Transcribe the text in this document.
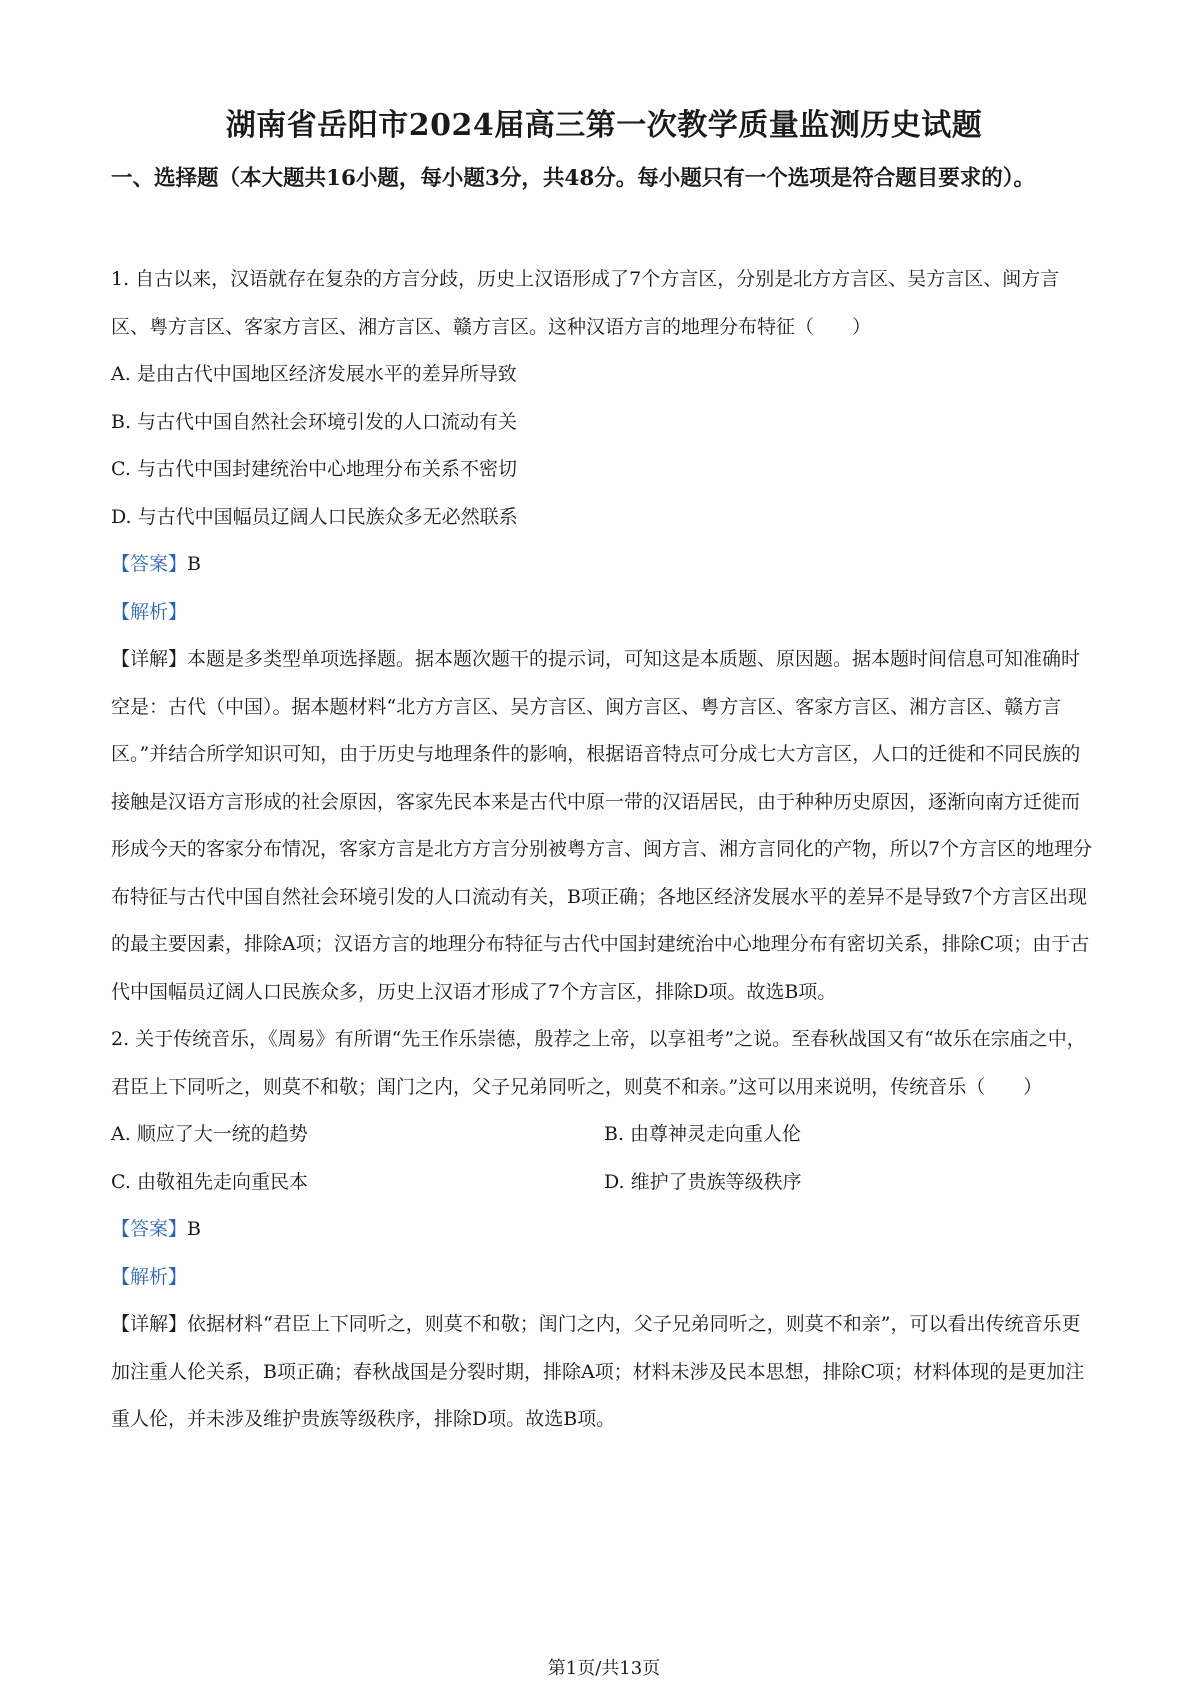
湖南省岳阳市2024届高三第一次教学质量监测历史试题

一、选择题（本大题共16小题，每小题3分，共48分。每小题只有一个选项是符合题目要求的）。

1. 自古以来，汉语就存在复杂的方言分歧，历史上汉语形成了7个方言区，分别是北方方言区、吴方言区、闽方言区、粤方言区、客家方言区、湘方言区、赣方言区。这种汉语方言的地理分布特征（　　）

A. 是由古代中国地区经济发展水平的差异所导致

B. 与古代中国自然社会环境引发的人口流动有关

C. 与古代中国封建统治中心地理分布关系不密切

D. 与古代中国幅员辽阔人口民族众多无必然联系

【答案】B

【解析】

【详解】本题是多类型单项选择题。据本题次题干的提示词，可知这是本质题、原因题。据本题时间信息可知准确时空是：古代（中国）。据本题材料“北方方言区、吴方言区、闽方言区、粤方言区、客家方言区、湘方言区、赣方言区。”并结合所学知识可知，由于历史与地理条件的影响，根据语音特点可分成七大方言区，人口的迁徙和不同民族的接触是汉语方言形成的社会原因，客家先民本来是古代中原一带的汉语居民，由于种种历史原因，逐渐向南方迁徙而形成今天的客家分布情况，客家方言是北方方言分别被粤方言、闽方言、湘方言同化的产物，所以7个方言区的地理分布特征与古代中国自然社会环境引发的人口流动有关，B项正确；各地区经济发展水平的差异不是导致7个方言区出现的最主要因素，排除A项；汉语方言的地理分布特征与古代中国封建统治中心地理分布有密切关系，排除C项；由于古代中国幅员辽阔人口民族众多，历史上汉语才形成了7个方言区，排除D项。故选B项。

2. 关于传统音乐，《周易》有所谓“先王作乐崇德，殷荐之上帝，以享祖考”之说。至春秋战国又有“故乐在宗庙之中，君臣上下同听之，则莫不和敬；闺门之内，父子兄弟同听之，则莫不和亲。”这可以用来说明，传统音乐（　　）

A. 顺应了大一统的趋势	B. 由尊神灵走向重人伦
C. 由敬祖先走向重民本	D. 维护了贵族等级秩序

【答案】B

【解析】

【详解】依据材料“君臣上下同听之，则莫不和敬；闺门之内，父子兄弟同听之，则莫不和亲”，可以看出传统音乐更加注重人伦关系，B项正确；春秋战国是分裂时期，排除A项；材料未涉及民本思想，排除C项；材料体现的是更加注重人伦，并未涉及维护贵族等级秩序，排除D项。故选B项。

第1页/共13页
